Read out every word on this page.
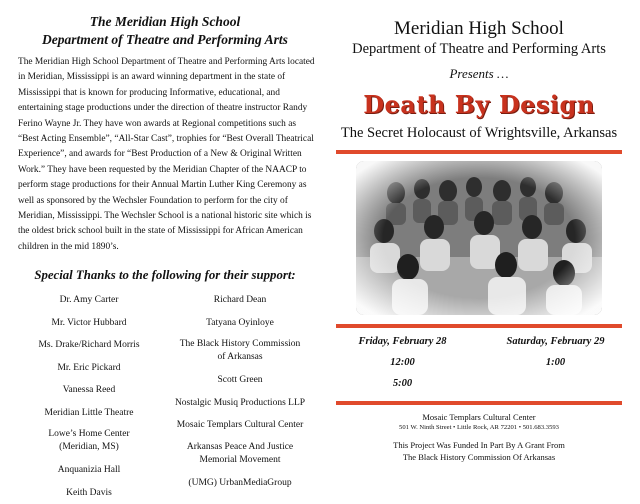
The Meridian High School
Department of Theatre and Performing Arts
The Meridian High School Department of Theatre and Performing Arts located in Meridian, Mississippi is an award winning department in the state of Mississippi that is known for producing Informative, educational, and entertaining stage productions under the direction of theatre instructor Randy Ferino Wayne Jr. They have won awards at Regional competitions such as “Best Acting Ensemble”, “All-Star Cast”, trophies for “Best Overall Theatrical Experience”, and awards for “Best Production of a New & Original Written Work.” They have been requested by the Meridian Chapter of the NAACP to perform stage productions for their Annual Martin Luther King Ceremony as well as sponsored by the Wechsler Foundation to perform for the city of Meridian, Mississippi. The Wechsler School is a national historic site which is the oldest brick school built in the state of Mississippi for African American children in the mid 1890’s.
Special Thanks to the following for their support:
Dr. Amy Carter
Mr. Victor Hubbard
Ms. Drake/Richard Morris
Mr. Eric Pickard
Vanessa Reed
Meridian Little Theatre
Lowe’s Home Center
(Meridian, MS)
Anquanizia Hall
Keith Davis
Richard Dean
Tatyana Oyinloye
The Black History Commission
of Arkansas
Scott Green
Nostalgic Musiq Productions LLP
Mosaic Templars Cultural Center
Arkansas Peace And Justice
Memorial Movement
(UMG) UrbanMediaGroup
Meridian High School
Department of Theatre and Performing Arts
Presents …
Death By Design
The Secret Holocaust of Wrightsville, Arkansas
Friday, February 28
12:00
5:00
Saturday, February 29
1:00
Mosaic Templars Cultural Center
501 W. Ninth Street • Little Rock, AR 72201 • 501.683.3593
This Project Was Funded In Part By A Grant From
The Black History Commission Of Arkansas
